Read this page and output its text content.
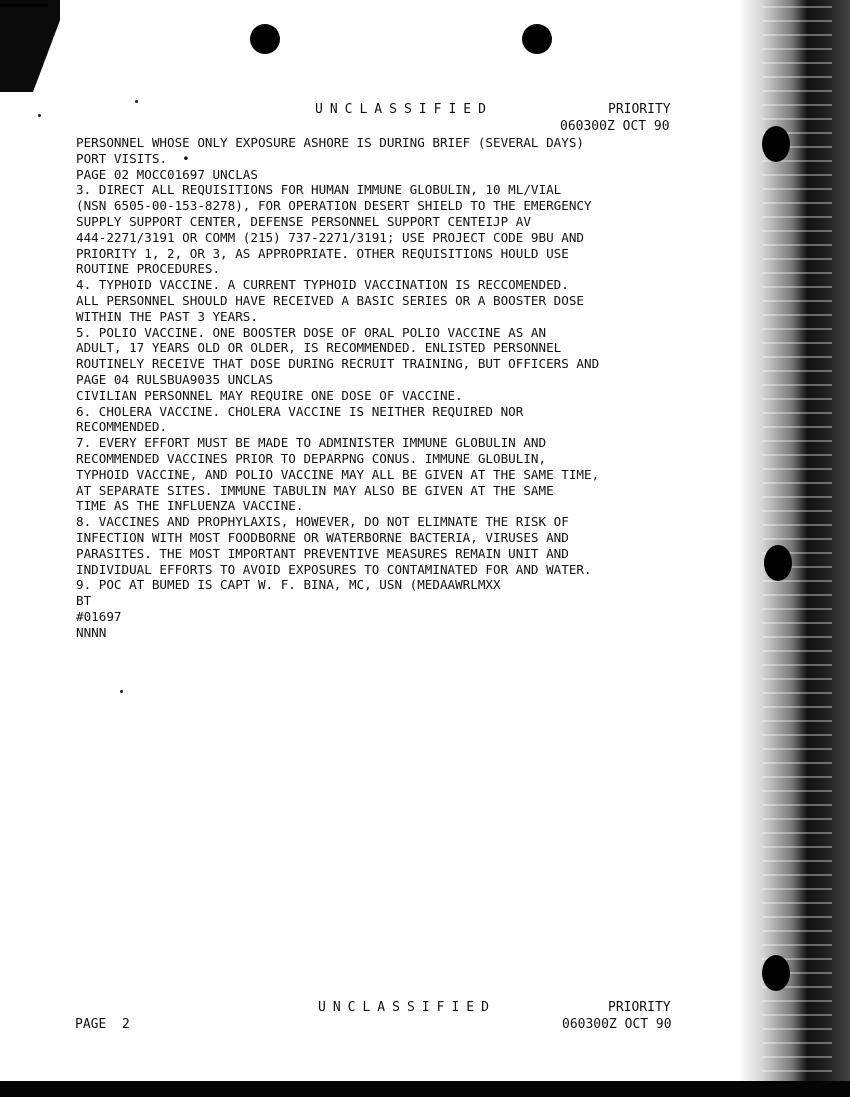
UNCLASSIFIED	PRIORITY
060300Z OCT 90
PERSONNEL WHOSE ONLY EXPOSURE ASHORE IS DURING BRIEF (SEVERAL DAYS)
PORT VISITS.  •
PAGE 02 MOCC01697 UNCLAS
3. DIRECT ALL REQUISITIONS FOR HUMAN IMMUNE GLOBULIN, 10 ML/VIAL
(NSN 6505-00-153-8278), FOR OPERATION DESERT SHIELD TO THE EMERGENCY
SUPPLY SUPPORT CENTER, DEFENSE PERSONNEL SUPPORT CENTEIJP AV
444-2271/3191 OR COMM (215) 737-2271/3191; USE PROJECT CODE 9BU AND
PRIORITY 1, 2, OR 3, AS APPROPRIATE. OTHER REQUISITIONS HOULD USE
ROUTINE PROCEDURES.
4. TYPHOID VACCINE. A CURRENT TYPHOID VACCINATION IS RECCOMENDED.
ALL PERSONNEL SHOULD HAVE RECEIVED A BASIC SERIES OR A BOOSTER DOSE
WITHIN THE PAST 3 YEARS.
5. POLIO VACCINE. ONE BOOSTER DOSE OF ORAL POLIO VACCINE AS AN
ADULT, 17 YEARS OLD OR OLDER, IS RECOMMENDED. ENLISTED PERSONNEL
ROUTINELY RECEIVE THAT DOSE DURING RECRUIT TRAINING, BUT OFFICERS AND
PAGE 04 RULSBUA9035 UNCLAS
CIVILIAN PERSONNEL MAY REQUIRE ONE DOSE OF VACCINE.
6. CHOLERA VACCINE. CHOLERA VACCINE IS NEITHER REQUIRED NOR
RECOMMENDED.
7. EVERY EFFORT MUST BE MADE TO ADMINISTER IMMUNE GLOBULIN AND
RECOMMENDED VACCINES PRIOR TO DEPARPNG CONUS. IMMUNE GLOBULIN,
TYPHOID VACCINE, AND POLIO VACCINE MAY ALL BE GIVEN AT THE SAME TIME,
AT SEPARATE SITES. IMMUNE TABULIN MAY ALSO BE GIVEN AT THE SAME
TIME AS THE INFLUENZA VACCINE.
8. VACCINES AND PROPHYLAXIS, HOWEVER, DO NOT ELIMNATE THE RISK OF
INFECTION WITH MOST FOODBORNE OR WATERBORNE BACTERIA, VIRUSES AND
PARASITES. THE MOST IMPORTANT PREVENTIVE MEASURES REMAIN UNIT AND
INDIVIDUAL EFFORTS TO AVOID EXPOSURES TO CONTAMINATED FOR AND WATER.
9. POC AT BUMED IS CAPT W. F. BINA, MC, USN (MEDAAWRLMXX
BT
#01697
NNNN
UNCLASSIFIED	PRIORITY
PAGE  2	060300Z OCT 90
